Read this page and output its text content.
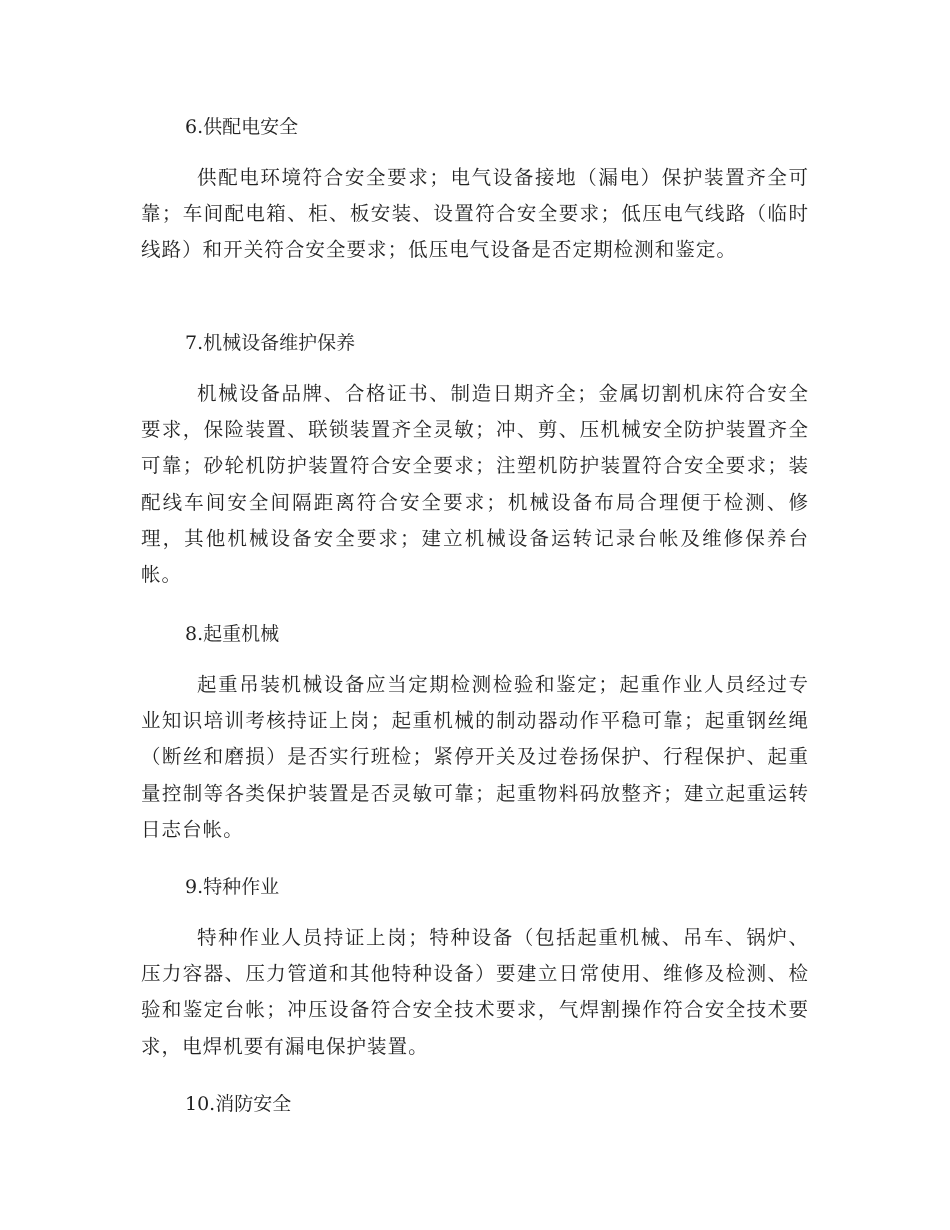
6.供配电安全
供配电环境符合安全要求；电气设备接地（漏电）保护装置齐全可靠；车间配电箱、柜、板安装、设置符合安全要求；低压电气线路（临时线路）和开关符合安全要求；低压电气设备是否定期检测和鉴定。
7.机械设备维护保养
机械设备品牌、合格证书、制造日期齐全；金属切割机床符合安全要求，保险装置、联锁装置齐全灵敏；冲、剪、压机械安全防护装置齐全可靠；砂轮机防护装置符合安全要求；注塑机防护装置符合安全要求；装配线车间安全间隔距离符合安全要求；机械设备布局合理便于检测、修理，其他机械设备安全要求；建立机械设备运转记录台帐及维修保养台帐。
8.起重机械
起重吊装机械设备应当定期检测检验和鉴定；起重作业人员经过专业知识培训考核持证上岗；起重机械的制动器动作平稳可靠；起重钢丝绳（断丝和磨损）是否实行班检；紧停开关及过卷扬保护、行程保护、起重量控制等各类保护装置是否灵敏可靠；起重物料码放整齐；建立起重运转日志台帐。
9.特种作业
特种作业人员持证上岗；特种设备（包括起重机械、吊车、锅炉、压力容器、压力管道和其他特种设备）要建立日常使用、维修及检测、检验和鉴定台帐；冲压设备符合安全技术要求，气焊割操作符合安全技术要求，电焊机要有漏电保护装置。
10.消防安全
